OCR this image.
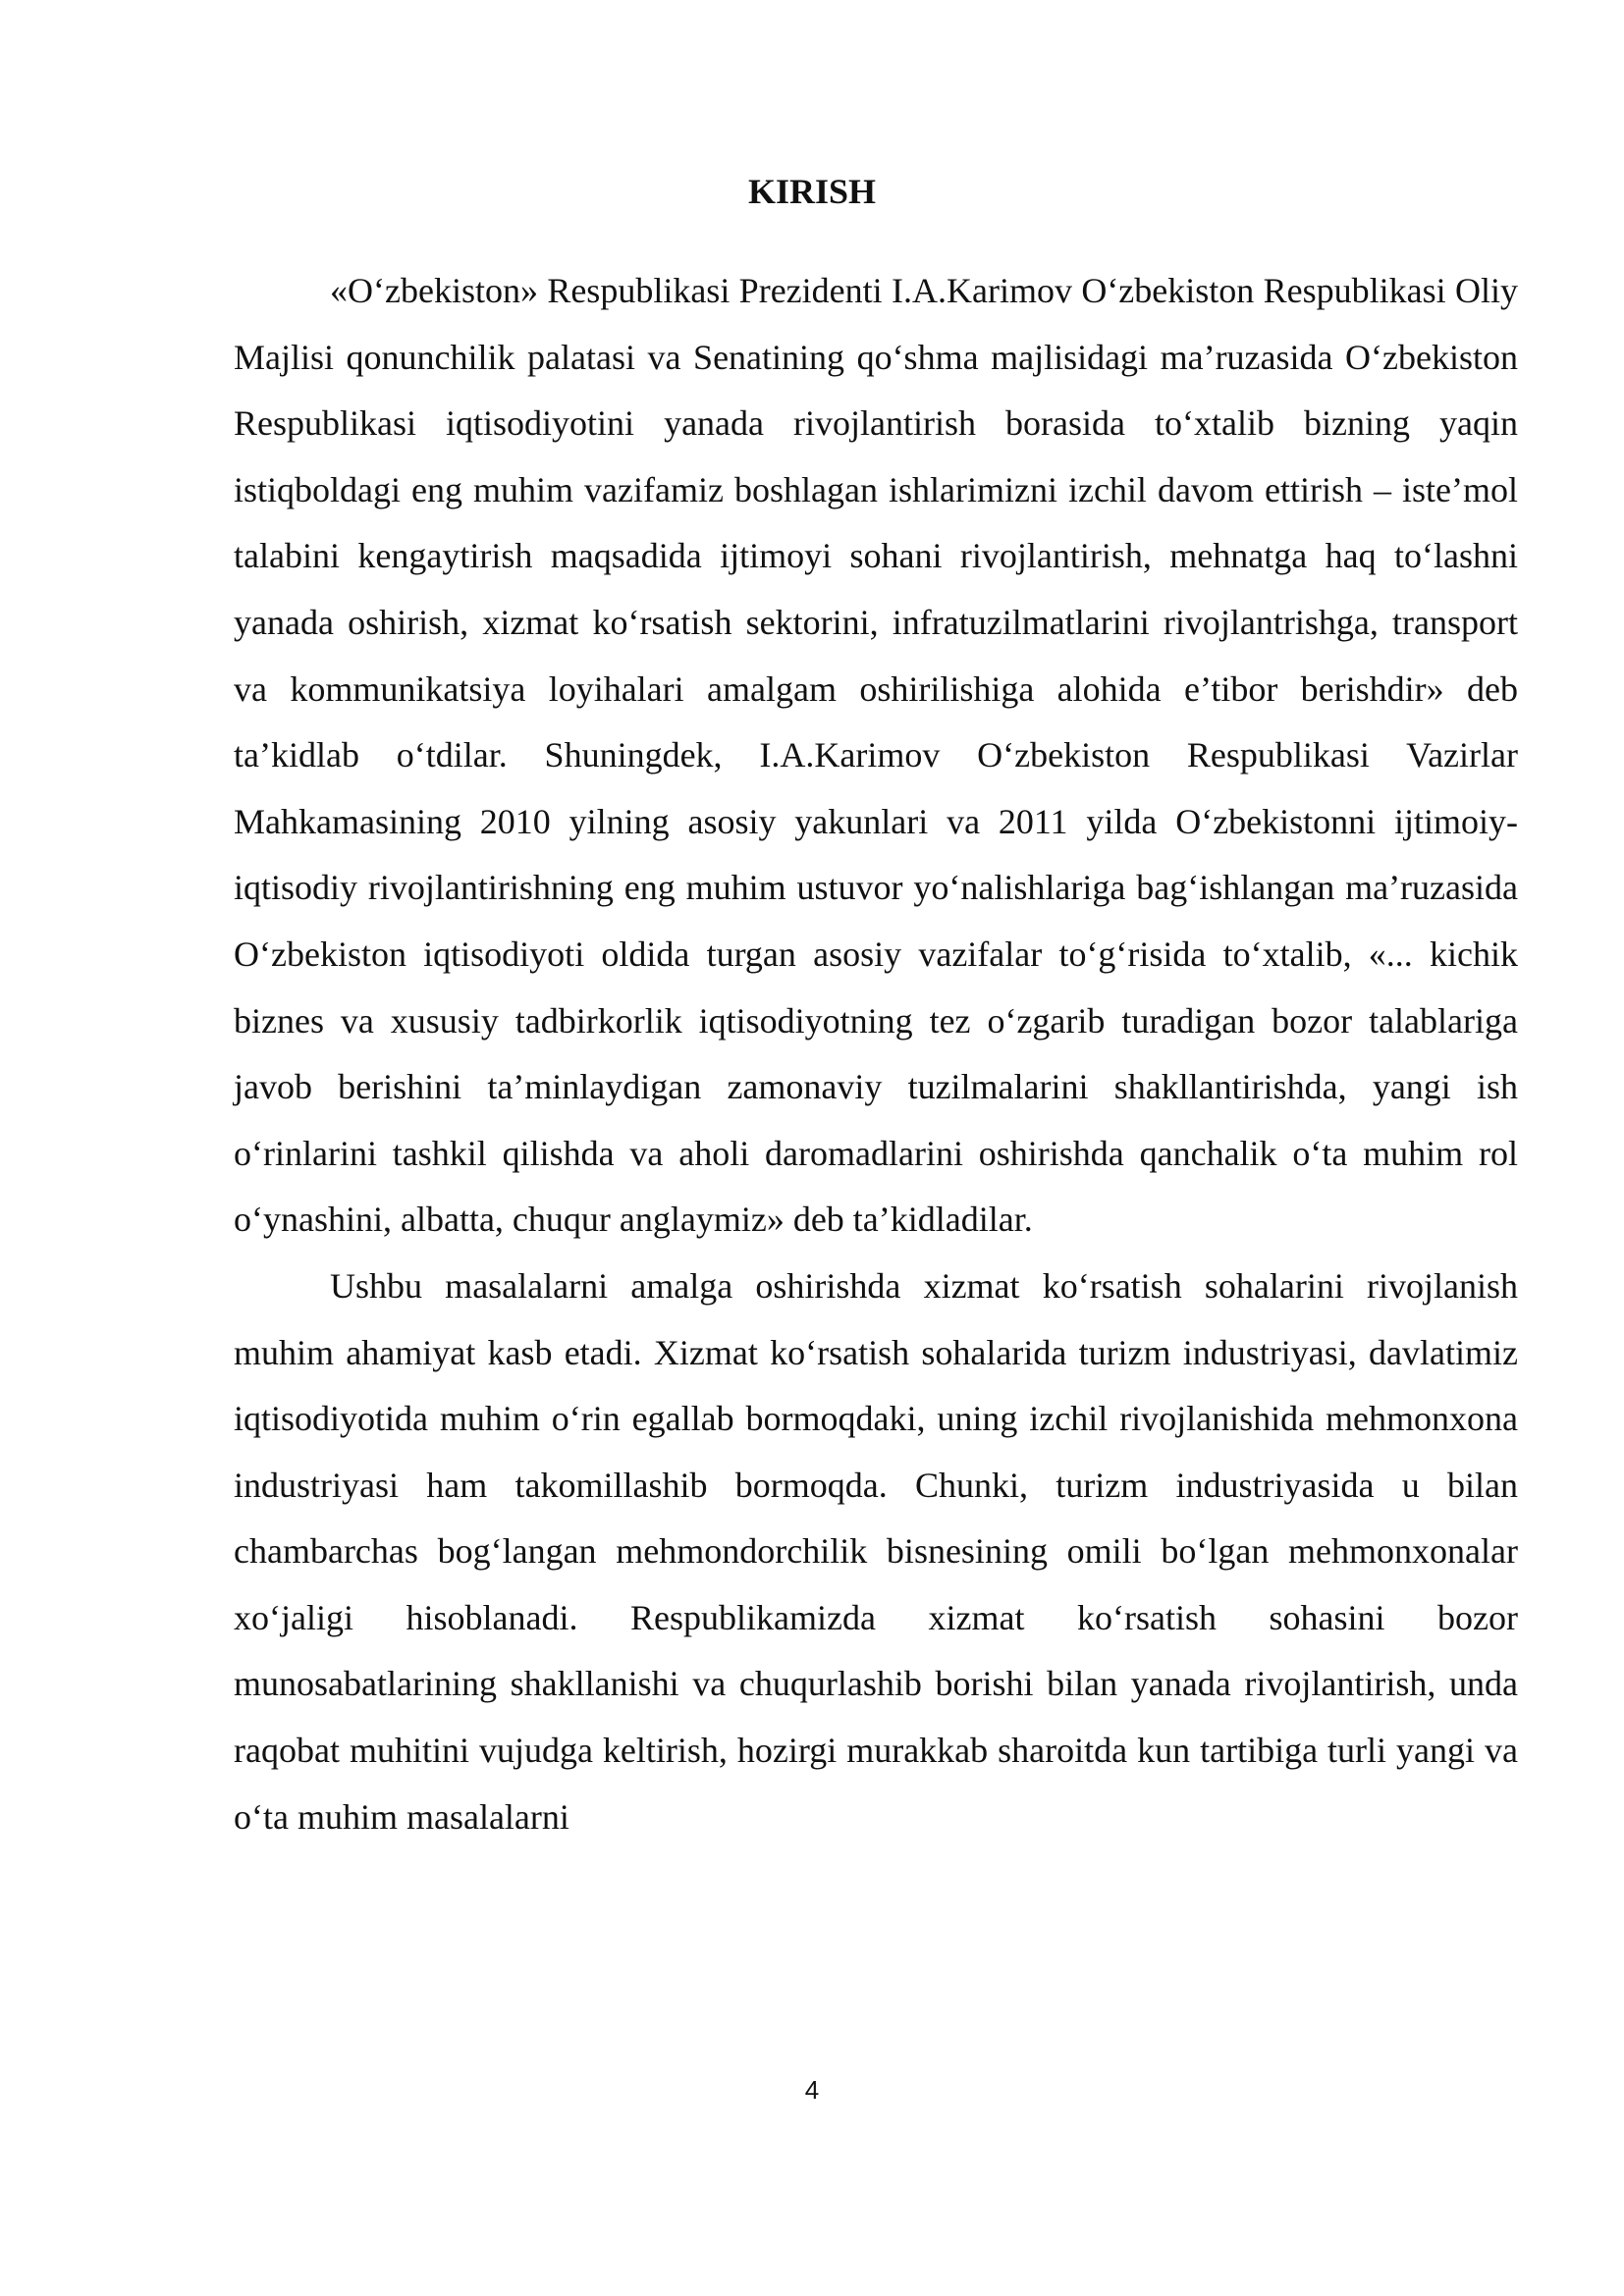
KIRISH

«O‘zbekiston» Respublikasi Prezidenti I.A.Karimov O‘zbekiston Respublikasi Oliy Majlisi qonunchilik palatasi va Senatining qo‘shma majlisidagi ma’ruzasida O‘zbekiston Respublikasi iqtisodiyotini yanada rivojlantirish borasida to‘xtalib bizning yaqin istiqboldagi eng muhim vazifamiz boshlagan ishlarimizni izchil davom ettirish – iste’mol talabini kengaytirish maqsadida ijtimoyi sohani rivojlantirish, mehnatga haq to‘lashni yanada oshirish, xizmat ko‘rsatish sektorini, infratuzilmatlarini rivojlantrishga, transport va kommunikatsiya loyihalari amalgam oshirilishiga alohida e’tibor berishdir» deb ta’kidlab o‘tdilar. Shuningdek, I.A.Karimov O‘zbekiston Respublikasi Vazirlar Mahkamasining 2010 yilning asosiy yakunlari va 2011 yilda O‘zbekistonni ijtimoiy-iqtisodiy rivojlantirishning eng muhim ustuvor yo‘nalishlariga bag‘ishlangan ma’ruzasida O‘zbekiston iqtisodiyoti oldida turgan asosiy vazifalar to‘g‘risida to‘xtalib, «... kichik biznes va xususiy tadbirkorlik iqtisodiyotning tez o‘zgarib turadigan bozor talablariga javob berishini ta’minlaydigan zamonaviy tuzilmalarini shakllantirishda, yangi ish o‘rinlarini tashkil qilishda va aholi daromadlarini oshirishda qanchalik o‘ta muhim rol o‘ynashini, albatta, chuqur anglaymiz» deb ta’kidladilar.

Ushbu masalalarni amalga oshirishda xizmat ko‘rsatish sohalarini rivojlanish muhim ahamiyat kasb etadi. Xizmat ko‘rsatish sohalarida turizm industriyasi, davlatimiz iqtisodiyotida muhim o‘rin egallab bormoqdaki, uning izchil rivojlanishida mehmonxona industriyasi ham takomillashib bormoqda. Chunki, turizm industriyasida u bilan chambarchas bog‘langan mehmondorchilik bisnesining omili bo‘lgan mehmonxonalar xo‘jaligi hisoblanadi. Respublikamizda xizmat ko‘rsatish sohasini bozor munosabatlarining shakllanishi va chuqurlashib borishi bilan yanada rivojlantirish, unda raqobat muhitini vujudga keltirish, hozirgi murakkab sharoitda kun tartibiga turli yangi va o‘ta muhim masalalarni

4
